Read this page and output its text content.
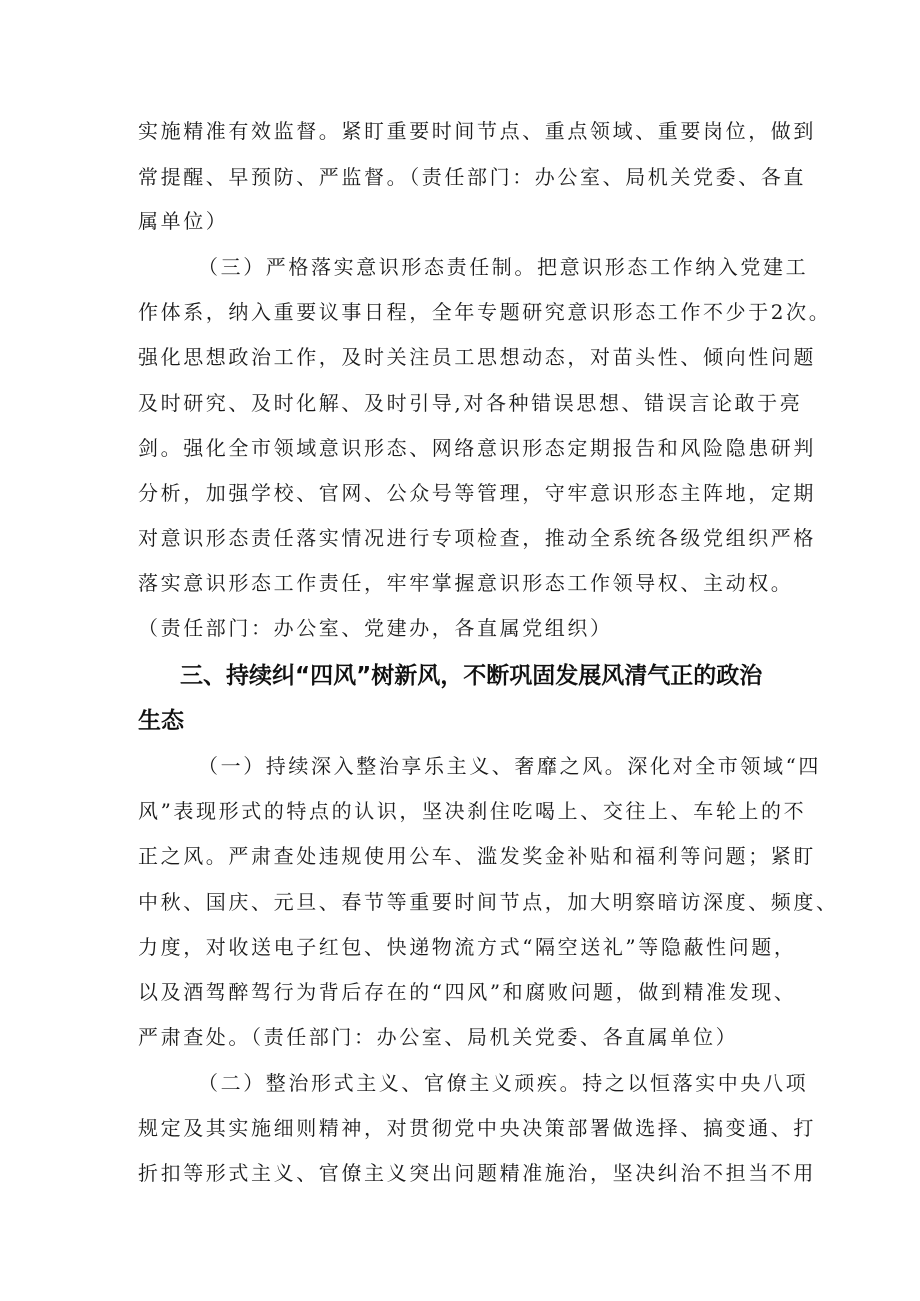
实施精准有效监督。紧盯重要时间节点、重点领域、重要岗位，做到
常提醒、早预防、严监督。（责任部门：办公室、局机关党委、各直
属单位）
（三）严格落实意识形态责任制。把意识形态工作纳入党建工
作体系，纳入重要议事日程，全年专题研究意识形态工作不少于2次。
强化思想政治工作，及时关注员工思想动态，对苗头性、倾向性问题
及时研究、及时化解、及时引导,对各种错误思想、错误言论敢于亮
剑。强化全市领域意识形态、网络意识形态定期报告和风险隐患研判
分析，加强学校、官网、公众号等管理，守牢意识形态主阵地，定期
对意识形态责任落实情况进行专项检查，推动全系统各级党组织严格
落实意识形态工作责任，牢牢掌握意识形态工作领导权、主动权。
（责任部门：办公室、党建办，各直属党组织）
三、持续纠“四风”树新风，不断巩固发展风清气正的政治
生态
（一）持续深入整治享乐主义、奢靡之风。深化对全市领域“四
风”表现形式的特点的认识，坚决刹住吃喝上、交往上、车轮上的不
正之风。严肃查处违规使用公车、滥发奖金补贴和福利等问题；紧盯
中秋、国庆、元旦、春节等重要时间节点，加大明察暗访深度、频度、
力度，对收送电子红包、快递物流方式“隔空送礼”等隐蔽性问题，
以及酒驾醉驾行为背后存在的“四风”和腐败问题，做到精准发现、
严肃查处。（责任部门：办公室、局机关党委、各直属单位）
（二）整治形式主义、官僚主义顽疾。持之以恒落实中央八项
规定及其实施细则精神，对贯彻党中央决策部署做选择、搞变通、打
折扣等形式主义、官僚主义突出问题精准施治，坚决纠治不担当不用
